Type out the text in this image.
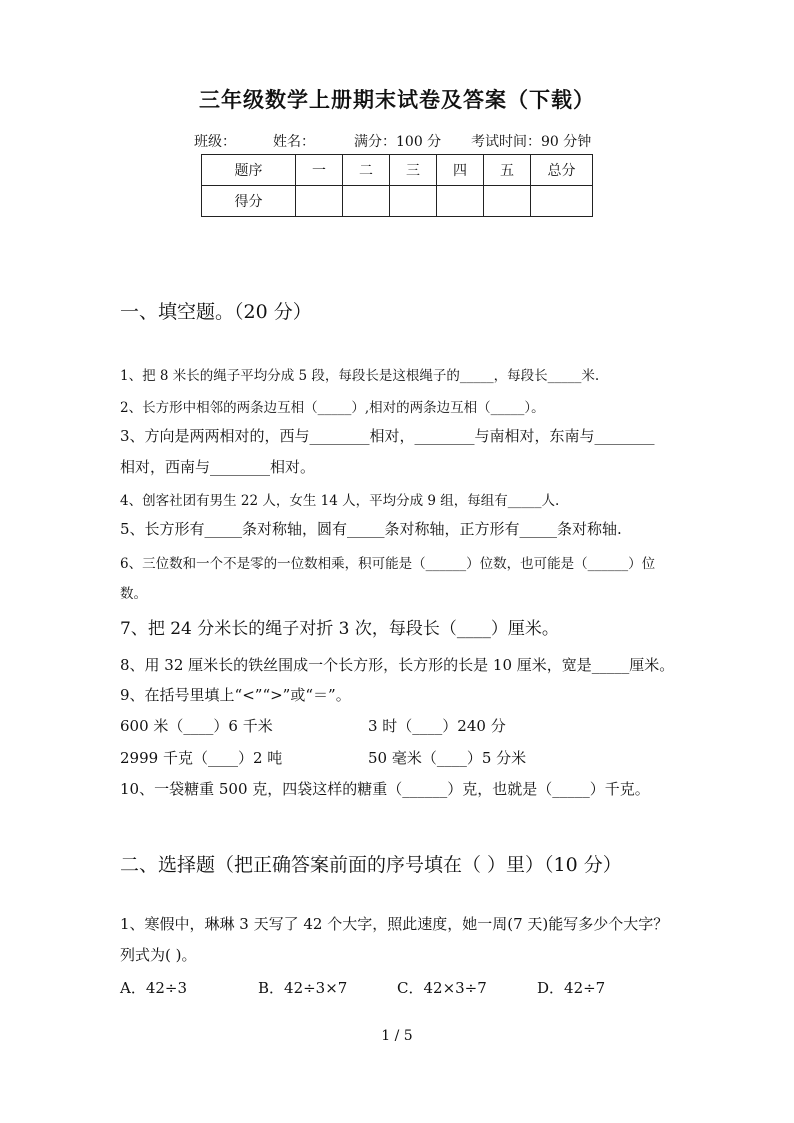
三年级数学上册期末试卷及答案（下载）
班级：	姓名：	满分：100 分 考试时间：90 分钟
题序	一	二	三	四	五	总分
得分						
一、填空题。（20 分）
1、把 8 米长的绳子平均分成 5 段，每段长是这根绳子的_____，每段长_____米.
2、长方形中相邻的两条边互相（_____）,相对的两条边互相（_____）。
3、方向是两两相对的，西与________相对，________与南相对，东南与________
相对，西南与________相对。
4、创客社团有男生 22 人，女生 14 人，平均分成 9 组，每组有_____人.
5、长方形有_____条对称轴，圆有_____条对称轴，正方形有_____条对称轴.
6、三位数和一个不是零的一位数相乘，积可能是（______）位数，也可能是（______）位
数。
7、把 24 分米长的绳子对折 3 次，每段长（____）厘米。
8、用 32 厘米长的铁丝围成一个长方形，长方形的长是 10 厘米，宽是_____厘米。
9、在括号里填上“<”“>”或“＝”。
600 米（____）6 千米	3 时（____）240 分
2999 千克（____）2 吨	50 毫米（____）5 分米
10、一袋糖重 500 克，四袋这样的糖重（______）克，也就是（_____）千克。
二、选择题（把正确答案前面的序号填在（ ）里）（10 分）
1、寒假中，琳琳 3 天写了 42 个大字，照此速度，她一周(7 天)能写多少个大字？
列式为( )。
A．42÷3	B．42÷3×7	C．42×3÷7	D．42÷7
1 / 5
